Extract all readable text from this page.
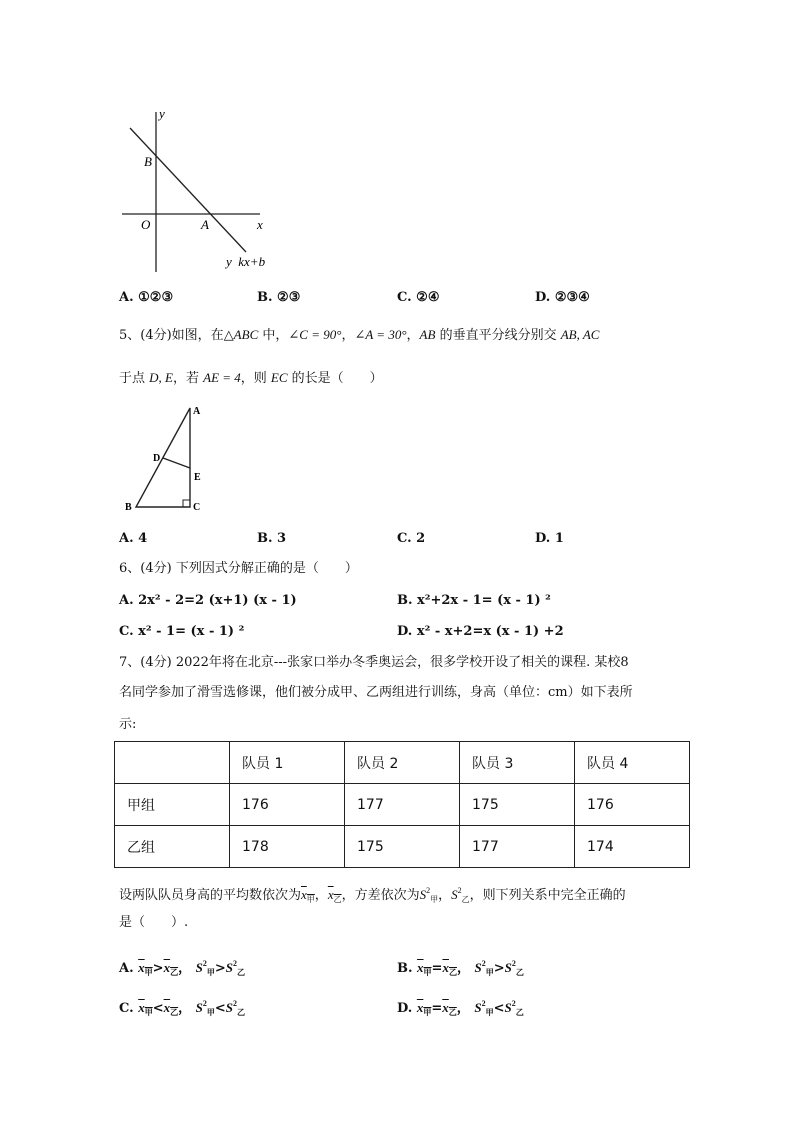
y
x
O
B
A
y  kx+b
A. ①②③	B. ②③	C. ②④	D. ②③④
5、(4分)如图，在△ABC 中，∠C = 90°，∠A = 30°，AB 的垂直平分线分别交 AB, AC
于点 D, E，若 AE = 4，则 EC 的长是（　　）
A
B	C
D
E
A. 4	B. 3	C. 2	D. 1
6、(4分) 下列因式分解正确的是（　　）
A. 2x² - 2=2 (x+1) (x - 1)	B. x²+2x - 1= (x - 1) ²
C. x² - 1= (x - 1) ²	D. x² - x+2=x (x - 1) +2
7、(4分) 2022年将在北京---张家口举办冬季奥运会，很多学校开设了相关的课程. 某校8
名同学参加了滑雪选修课，他们被分成甲、乙两组进行训练，身高（单位：cm）如下表所
示:
	队员 1	队员 2	队员 3	队员 4
甲组	176	177	175	176
乙组	178	175	177	174
设两队队员身高的平均数依次为$x_甲$，$x_乙$，方差依次为$S^2_甲$，$S^2_乙$，则下列关系中完全正确的
是（　　）.
A. $x_甲>x_乙$， $S^2_甲>S^2_乙$	B. $x_甲=x_乙$， $S^2_甲>S^2_乙$
C. $x_甲<x_乙$， $S^2_甲<S^2_乙$	D. $x_甲=x_乙$， $S^2_甲<S^2_乙$
